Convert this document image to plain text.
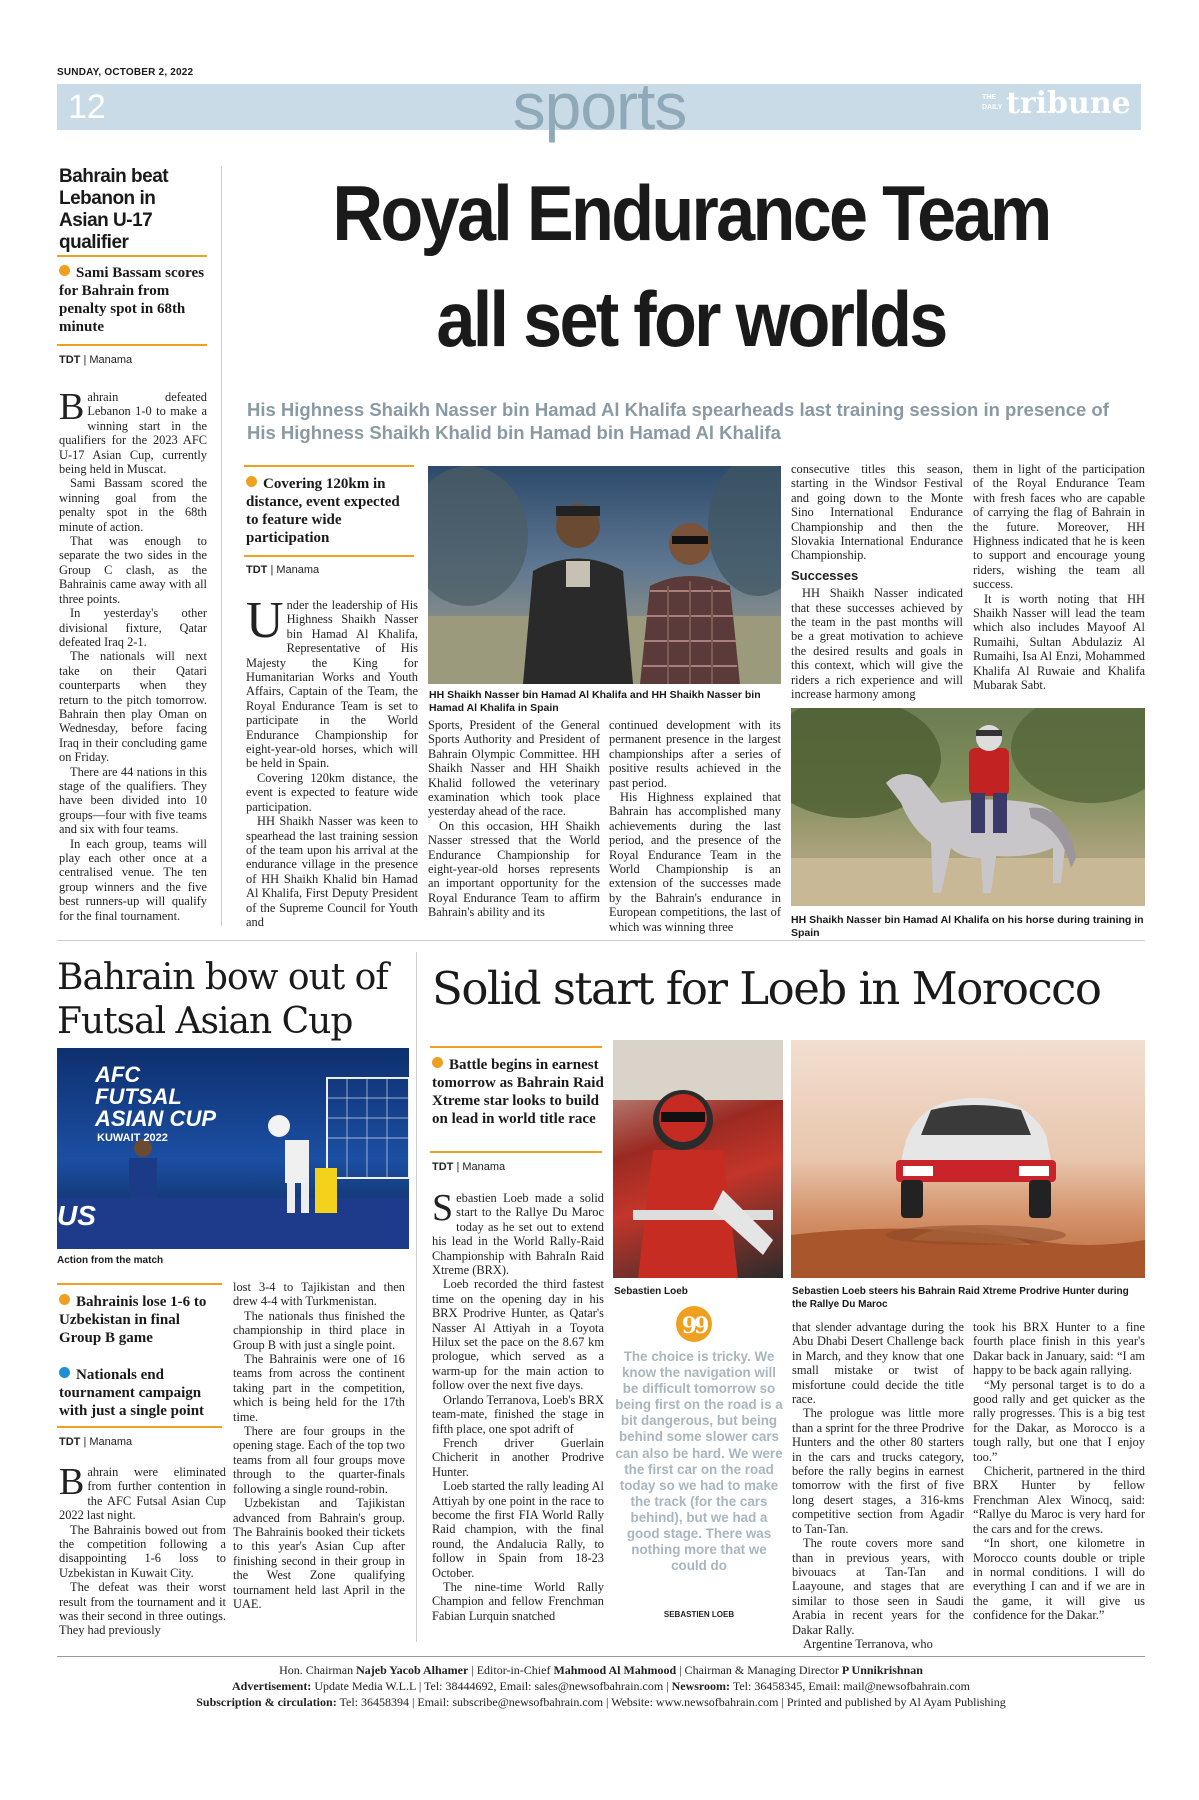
SUNDAY, OCTOBER 2, 2022
12	sports	THE
DAILY tribune
Bahrain beat Lebanon in Asian U-17 qualifier
Sami Bassam scores for Bahrain from penalty spot in 68th minute
TDT | Manama

Bahrain defeated Lebanon 1-0 to make a winning start in the qualifiers for the 2023 AFC U-17 Asian Cup, currently being held in Muscat.

Sami Bassam scored the winning goal from the penalty spot in the 68th minute of action.

That was enough to separate the two sides in the Group C clash, as the Bahrainis came away with all three points.

In yesterday's other divisional fixture, Qatar defeated Iraq 2-1.

The nationals will next take on their Qatari counterparts when they return to the pitch tomorrow. Bahrain then play Oman on Wednesday, before facing Iraq in their concluding game on Friday.

There are 44 nations in this stage of the qualifiers. They have been divided into 10 groups—four with five teams and six with four teams.

In each group, teams will play each other once at a centralised venue. The ten group winners and the five best runners-up will qualify for the final tournament.

Royal Endurance Team
all set for worlds
His Highness Shaikh Nasser bin Hamad Al Khalifa spearheads last training session in presence of His Highness Shaikh Khalid bin Hamad bin Hamad Al Khalifa
Covering 120km in distance, event expected to feature wide participation
TDT | Manama

Under the leadership of His Highness Shaikh Nasser bin Hamad Al Khalifa, Representative of His Majesty the King for Humanitarian Works and Youth Affairs, Captain of the Team, the Royal Endurance Team is set to participate in the World Endurance Championship for eight-year-old horses, which will be held in Spain.

Covering 120km distance, the event is expected to feature wide participation.

HH Shaikh Nasser was keen to spearhead the last training session of the team upon his arrival at the endurance village in the presence of HH Shaikh Khalid bin Hamad Al Khalifa, First Deputy President of the Supreme Council for Youth and

HH Shaikh Nasser bin Hamad Al Khalifa and HH Shaikh Nasser bin Hamad Al Khalifa in Spain

Sports, President of the General Sports Authority and President of Bahrain Olympic Committee. HH Shaikh Nasser and HH Shaikh Khalid followed the veterinary examination which took place yesterday ahead of the race.

On this occasion, HH Shaikh Nasser stressed that the World Endurance Championship for eight-year-old horses represents an important opportunity for the Royal Endurance Team to affirm Bahrain's ability and its

continued development with its permanent presence in the largest championships after a series of positive results achieved in the past period.

His Highness explained that Bahrain has accomplished many achievements during the last period, and the presence of the Royal Endurance Team in the World Championship is an extension of the successes made by the Bahrain's endurance in European competitions, the last of which was winning three

consecutive titles this season, starting in the Windsor Festival and going down to the Monte Sino International Endurance Championship and then the Slovakia International Endurance Championship.

Successes

HH Shaikh Nasser indicated that these successes achieved by the team in the past months will be a great motivation to achieve the desired results and goals in this context, which will give the riders a rich experience and will increase harmony among

them in light of the participation of the Royal Endurance Team with fresh faces who are capable of carrying the flag of Bahrain in the future. Moreover, HH Highness indicated that he is keen to support and encourage young riders, wishing the team all success.

It is worth noting that HH Shaikh Nasser will lead the team which also includes Mayoof Al Rumaihi, Sultan Abdulaziz Al Rumaihi, Isa Al Enzi, Mohammed Khalifa Al Ruwaie and Khalifa Mubarak Sabt.

HH Shaikh Nasser bin Hamad Al Khalifa on his horse during training in Spain
Bahrain bow out of Futsal Asian Cup
AFC FUTSAL ASIAN CUP
KUWAIT 2022
US
Action from the match
Bahrainis lose 1-6 to Uzbekistan in final Group B game
Nationals end tournament campaign with just a single point
TDT | Manama

Bahrain were eliminated from further contention in the AFC Futsal Asian Cup 2022 last night.

The Bahrainis bowed out from the competition following a disappointing 1-6 loss to Uzbekistan in Kuwait City.

The defeat was their worst result from the tournament and it was their second in three outings. They had previously

lost 3-4 to Tajikistan and then drew 4-4 with Turkmenistan.

The nationals thus finished the championship in third place in Group B with just a single point.

The Bahrainis were one of 16 teams from across the continent taking part in the competition, which is being held for the 17th time.

There are four groups in the opening stage. Each of the top two teams from all four groups move through to the quarter-finals following a single round-robin.

Uzbekistan and Tajikistan advanced from Bahrain's group. The Bahrainis booked their tickets to this year's Asian Cup after finishing second in their group in the West Zone qualifying tournament held last April in the UAE.

Solid start for Loeb in Morocco
Battle begins in earnest tomorrow as Bahrain Raid Xtreme star looks to build on lead in world title race
TDT | Manama

Sebastien Loeb made a solid start to the Rallye Du Maroc today as he set out to extend his lead in the World Rally-Raid Championship with BahraIn Raid Xtreme (BRX).

Loeb recorded the third fastest time on the opening day in his BRX Prodrive Hunter, as Qatar's Nasser Al Attiyah in a Toyota Hilux set the pace on the 8.67 km prologue, which served as a warm-up for the main action to follow over the next five days.

Orlando Terranova, Loeb's BRX team-mate, finished the stage in fifth place, one spot adrift of

French driver Guerlain Chicherit in another Prodrive Hunter.

Loeb started the rally leading Al Attiyah by one point in the race to become the first FIA World Rally Raid champion, with the final round, the Andalucia Rally, to follow in Spain from 18-23 October.

The nine-time World Rally Champion and fellow Frenchman Fabian Lurquin snatched

Sebastien Loeb	Sebastien Loeb steers his Bahrain Raid Xtreme Prodrive Hunter during the Rallye Du Maroc
99
The choice is tricky. We know the navigation will be difficult tomorrow so being first on the road is a bit dangerous, but being behind some slower cars can also be hard. We were the first car on the road today so we had to make the track (for the cars behind), but we had a good stage. There was nothing more that we could do
SEBASTIEN LOEB

that slender advantage during the Abu Dhabi Desert Challenge back in March, and they know that one small mistake or twist of misfortune could decide the title race.

The prologue was little more than a sprint for the three Prodrive Hunters and the other 80 starters in the cars and trucks category, before the rally begins in earnest tomorrow with the first of five long desert stages, a 316-kms competitive section from Agadir to Tan-Tan.

The route covers more sand than in previous years, with bivouacs at Tan-Tan and Laayoune, and stages that are similar to those seen in Saudi Arabia in recent years for the Dakar Rally.

Argentine Terranova, who

took his BRX Hunter to a fine fourth place finish in this year's Dakar back in January, said: “I am happy to be back again rallying.

“My personal target is to do a good rally and get quicker as the rally progresses. This is a big test for the Dakar, as Morocco is a tough rally, but one that I enjoy too.”

Chicherit, partnered in the third BRX Hunter by fellow Frenchman Alex Winocq, said: “Rallye du Maroc is very hard for the cars and for the crews.

“In short, one kilometre in Morocco counts double or triple in normal conditions. I will do everything I can and if we are in the game, it will give us confidence for the Dakar.”

Hon. Chairman Najeb Yacob Alhamer | Editor-in-Chief Mahmood Al Mahmood | Chairman & Managing Director P Unnikrishnan
Advertisement: Update Media W.L.L | Tel: 38444692, Email: sales@newsofbahrain.com | Newsroom: Tel: 36458345, Email: mail@newsofbahrain.com
Subscription & circulation: Tel: 36458394 | Email: subscribe@newsofbahrain.com | Website: www.newsofbahrain.com | Printed and published by Al Ayam Publishing
